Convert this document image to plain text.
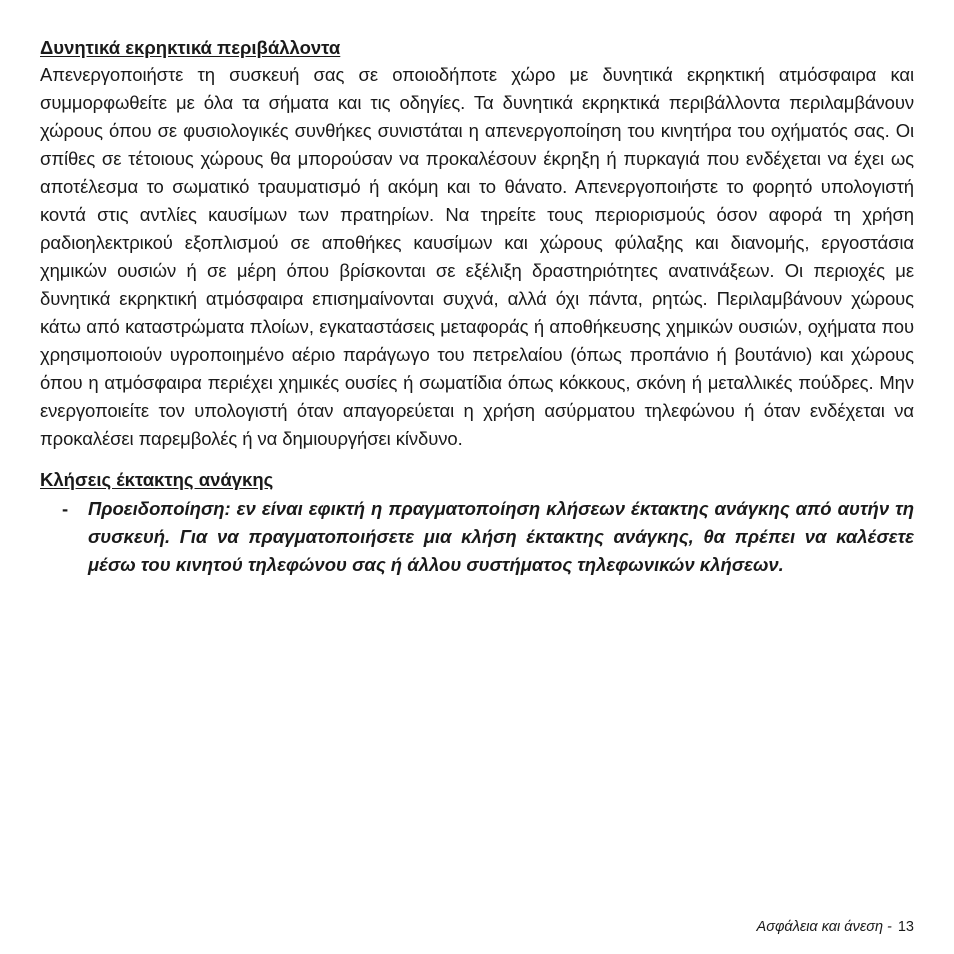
Δυνητικά εκρηκτικά περιβάλλοντα

Απενεργοποιήστε τη συσκευή σας σε οποιοδήποτε χώρο με δυνητικά εκρηκτική ατμόσφαιρα και συμμορφωθείτε με όλα τα σήματα και τις οδηγίες. Τα δυνητικά εκρηκτικά περιβάλλοντα περιλαμβάνουν χώρους όπου σε φυσιολογικές συνθήκες συνιστάται η απενεργοποίηση του κινητήρα του οχήματός σας. Οι σπίθες σε τέτοιους χώρους θα μπορούσαν να προκαλέσουν έκρηξη ή πυρκαγιά που ενδέχεται να έχει ως αποτέλεσμα το σωματικό τραυματισμό ή ακόμη και το θάνατο. Απενεργοποιήστε το φορητό υπολογιστή κοντά στις αντλίες καυσίμων των πρατηρίων. Να τηρείτε τους περιορισμούς όσον αφορά τη χρήση ραδιοηλεκτρικού εξοπλισμού σε αποθήκες καυσίμων και χώρους φύλαξης και διανομής, εργοστάσια χημικών ουσιών ή σε μέρη όπου βρίσκονται σε εξέλιξη δραστηριότητες ανατινάξεων. Οι περιοχές με δυνητικά εκρηκτική ατμόσφαιρα επισημαίνονται συχνά, αλλά όχι πάντα, ρητώς. Περιλαμβάνουν χώρους κάτω από καταστρώματα πλοίων, εγκαταστάσεις μεταφοράς ή αποθήκευσης χημικών ουσιών, οχήματα που χρησιμοποιούν υγροποιημένο αέριο παράγωγο του πετρελαίου (όπως προπάνιο ή βουτάνιο) και χώρους όπου η ατμόσφαιρα περιέχει χημικές ουσίες ή σωματίδια όπως κόκκους, σκόνη ή μεταλλικές πούδρες. Μην ενεργοποιείτε τον υπολογιστή όταν απαγορεύεται η χρήση ασύρματου τηλεφώνου ή όταν ενδέχεται να προκαλέσει παρεμβολές ή να δημιουργήσει κίνδυνο.

Κλήσεις έκτακτης ανάγκης
-	Προειδοποίηση: εν είναι εφικτή η πραγματοποίηση κλήσεων έκτακτης ανάγκης από αυτήν τη συσκευή. Για να πραγματοποιήσετε μια κλήση έκτακτης ανάγκης, θα πρέπει να καλέσετε μέσω του κινητού τηλεφώνου σας ή άλλου συστήματος τηλεφωνικών κλήσεων.

Ασφάλεια και άνεση - 13
